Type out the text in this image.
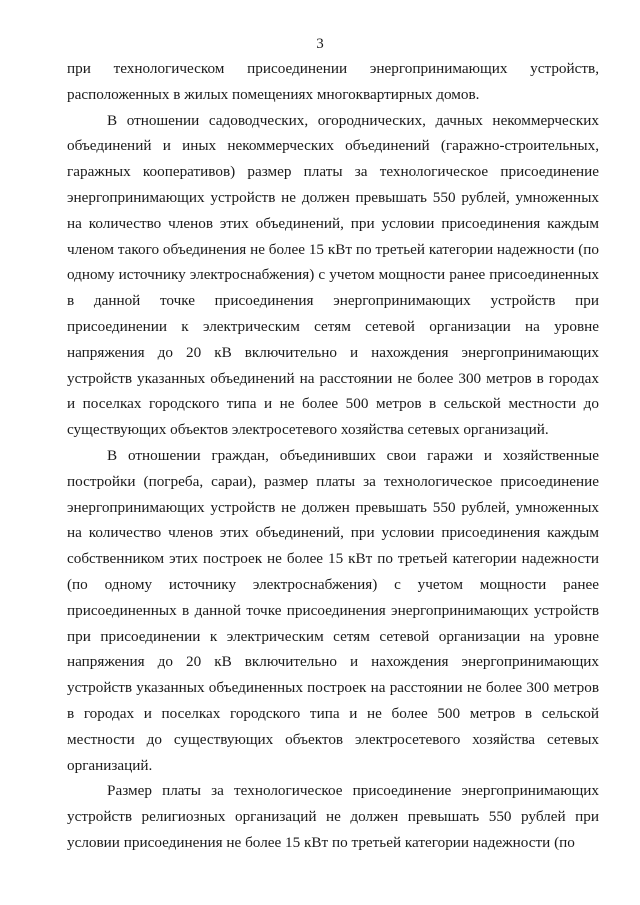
3

при технологическом присоединении энергопринимающих устройств, расположенных в жилых помещениях многоквартирных домов.

В отношении садоводческих, огороднических, дачных некоммерческих объединений и иных некоммерческих объединений (гаражно-строительных, гаражных кооперативов) размер платы за технологическое присоединение энергопринимающих устройств не должен превышать 550 рублей, умноженных на количество членов этих объединений, при условии присоединения каждым членом такого объединения не более 15 кВт по третьей категории надежности (по одному источнику электроснабжения) с учетом мощности ранее присоединенных в данной точке присоединения энергопринимающих устройств при присоединении к электрическим сетям сетевой организации на уровне напряжения до 20 кВ включительно и нахождения энергопринимающих устройств указанных объединений на расстоянии не более 300 метров в городах и поселках городского типа и не более 500 метров в сельской местности до существующих объектов электросетевого хозяйства сетевых организаций.

В отношении граждан, объединивших свои гаражи и хозяйственные постройки (погреба, сараи), размер платы за технологическое присоединение энергопринимающих устройств не должен превышать 550 рублей, умноженных на количество членов этих объединений, при условии присоединения каждым собственником этих построек не более 15 кВт по третьей категории надежности (по одному источнику электроснабжения) с учетом мощности ранее присоединенных в данной точке присоединения энергопринимающих устройств при присоединении к электрическим сетям сетевой организации на уровне напряжения до 20 кВ включительно и нахождения энергопринимающих устройств указанных объединенных построек на расстоянии не более 300 метров в городах и поселках городского типа и не более 500 метров в сельской местности до существующих объектов электросетевого хозяйства сетевых организаций.

Размер платы за технологическое присоединение энергопринимающих устройств религиозных организаций не должен превышать 550 рублей при условии присоединения не более 15 кВт по третьей категории надежности (по
